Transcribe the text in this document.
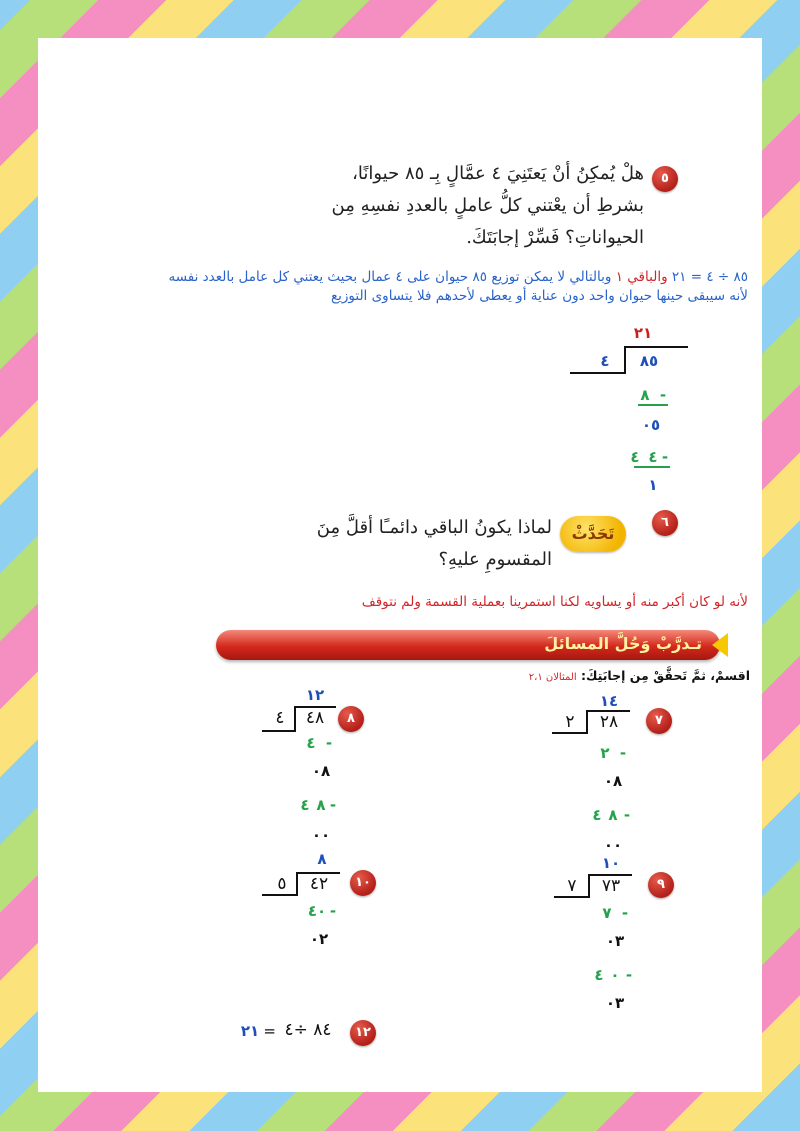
٥
هلْ يُمكِنُ أنْ يَعتَنِيَ ٤ عمَّالٍ بِـ ٨٥ حيوانًا،
بشرطِ أن يعْتني كلُّ عاملٍ بالعددِ نفسِهِ مِن
الحيواناتِ؟ فَسِّرْ إجابَتَكَ.
٨٥ ÷ ٤ = ٢١ والباقي ١ وبالتالي لا يمكن توزيع ٨٥ حيوان على ٤ عمال بحيث يعتني كل عامل بالعدد نفسه
لأنه سيبقى حينها حيوان واحد دون عناية أو يعطى لأحدهم فلا يتساوى التوزيع
٢١
٨٥
٤
٨ -
٠٥
٤ ٤ -
١
٦
تَحَدَّثْ
لماذا يكونُ الباقي دائمـًا أقلَّ مِنَ
المقسومِ عليهِ؟
لأنه لو كان أكبر منه أو يساويه لكنا استمرينا بعملية القسمة ولم نتوقف
تـدرَّبْ وَحُلَّ المسائلَ
اقسمْ، ثمَّ تَحقَّقْ مِن إجابَتِكَ: المثالان ٢،١
٧
١٤
٢٨
٢
٢ -
٠٨
٤ ٨ -
٠٠
٨
١٢
٤٨
٤
٤ -
٠٨
٤ ٨ -
٠٠
٩
١٠
٧٣
٧
٧ -
٠٣
٤ ٠ -
٠٣
١٠
٨
٤٢
٥
٤٠ -
٠٢
١٢
٨٤ ÷٤
=
٢١
